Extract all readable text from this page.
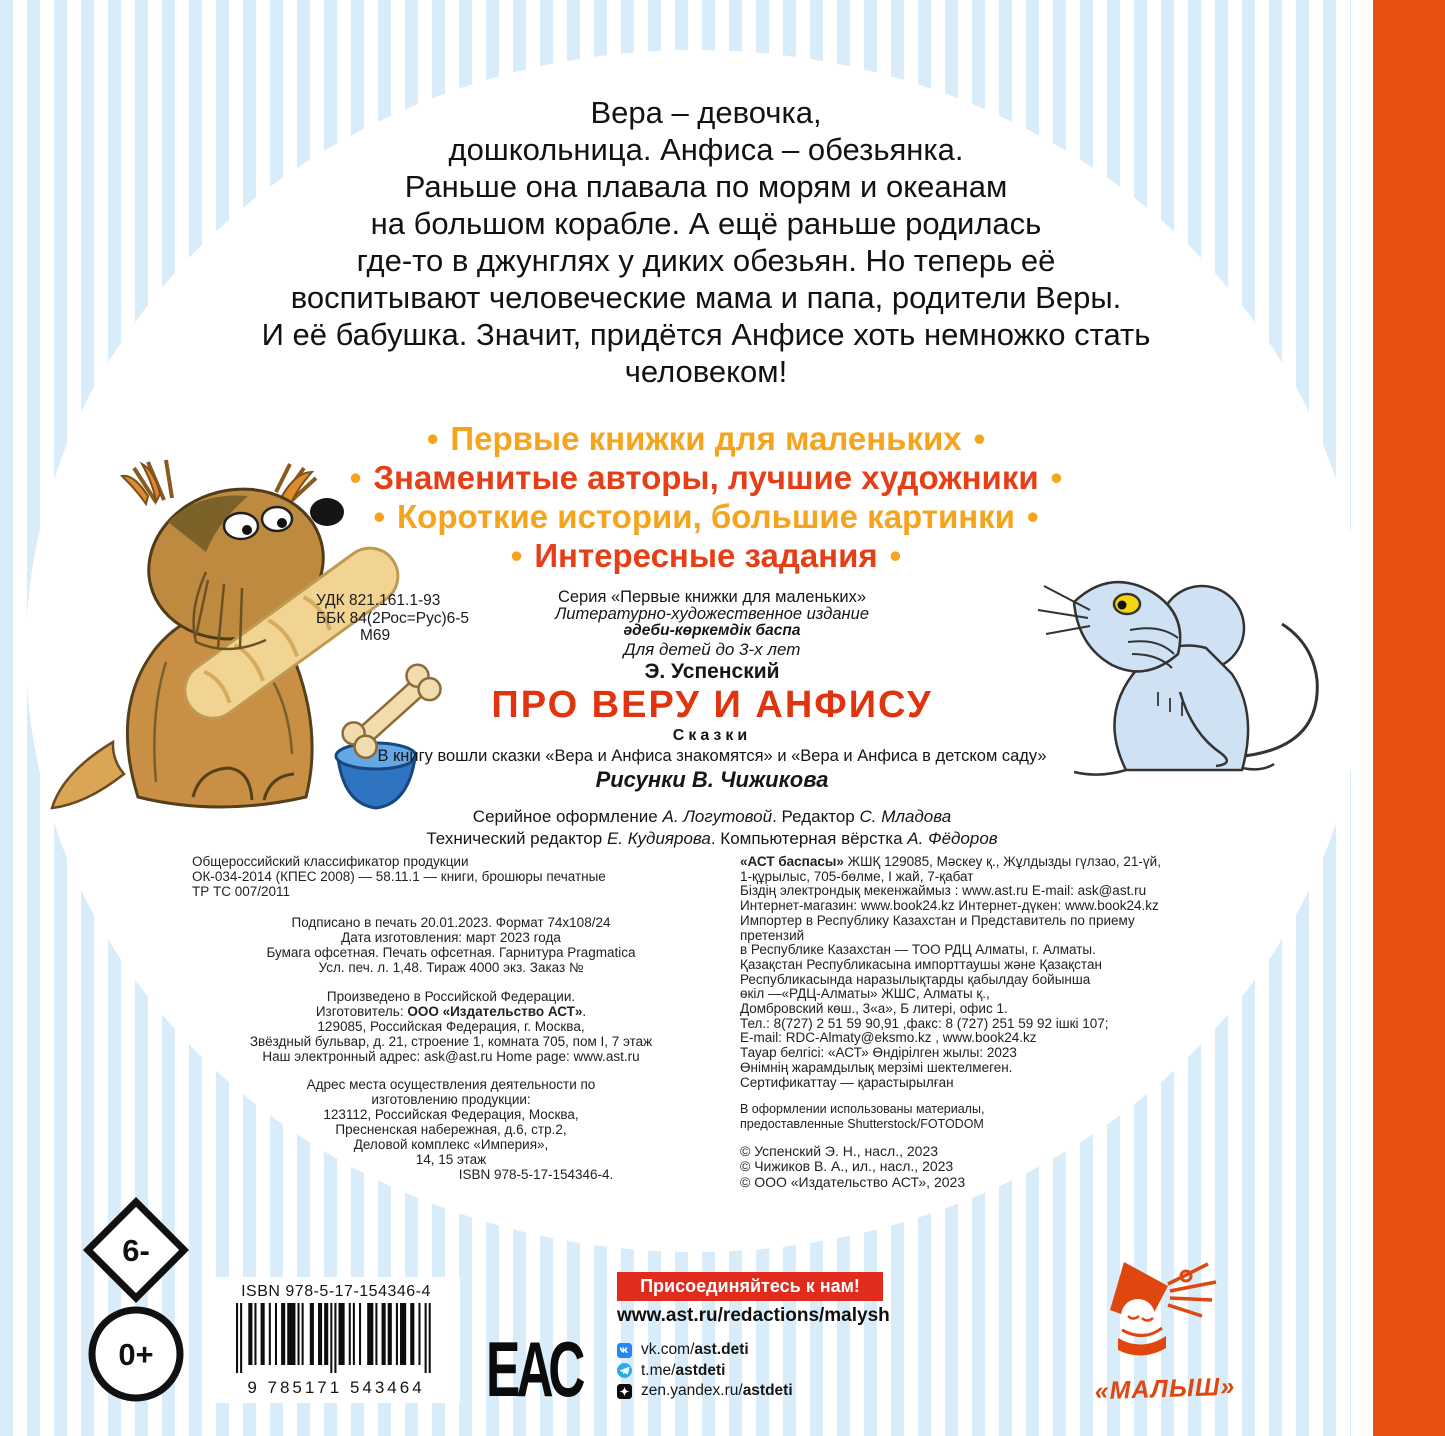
Вера – девочка,
дошкольница. Анфиса – обезьянка.
Раньше она плавала по морям и океанам
на большом корабле. А ещё раньше родилась
где-то в джунглях у диких обезьян. Но теперь её
воспитывают человеческие мама и папа, родители Веры.
И её бабушка. Значит, придётся Анфисе хоть немножко стать
человеком!
• Первые книжки для маленьких •
• Знаменитые авторы, лучшие художники •
• Короткие истории, большие картинки •
• Интересные задания •
УДК 821.161.1-93
ББК 84(2Рос=Рус)6-5
М69
Серия «Первые книжки для маленьких»
Литературно-художественное издание
әдеби-көркемдік баспа
Для детей до 3-х лет
Э. Успенский
ПРО ВЕРУ И АНФИСУ
Сказки
В книгу вошли сказки «Вера и Анфиса знакомятся» и «Вера и Анфиса в детском саду»
Рисунки В. Чижикова
Серийное оформление А. Логутовой. Редактор С. Младова
Технический редактор Е. Кудиярова. Компьютерная вёрстка А. Фёдоров
Общероссийский классификатор продукции
ОК-034-2014 (КПЕС 2008) — 58.11.1 — книги, брошюры печатные
ТР ТС 007/2011
Подписано в печать 20.01.2023. Формат 74x108/24
Дата изготовления: март 2023 года
Бумага офсетная. Печать офсетная. Гарнитура Pragmatica
Усл. печ. л. 1,48. Тираж 4000 экз. Заказ №
Произведено в Российской Федерации.
Изготовитель: ООО «Издательство АСТ».
129085, Российская Федерация, г. Москва,
Звёздный бульвар, д. 21, строение 1, комната 705, пом I, 7 этаж
Наш электронный адрес: ask@ast.ru Home page: www.ast.ru
Адрес места осуществления деятельности по
изготовлению продукции:
123112, Российская Федерация, Москва,
Пресненская набережная, д.6, стр.2,
Деловой комплекс «Империя»,
14, 15 этаж
ISBN 978-5-17-154346-4.
«АСТ баспасы» ЖШҚ 129085, Мәскеу қ., Жұлдызды гүлзао, 21-үй,
1-құрылыс, 705-бөлме, I жай, 7-қабат
Біздің электрондық мекенжаймыз : www.ast.ru E-mail: ask@ast.ru
Интернет-магазин: www.book24.kz Интернет-дүкен: www.book24.kz
Импортер в Республику Казахстан и Представитель по приему
претензий
в Республике Казахстан — ТОО РДЦ Алматы, г. Алматы.
Қазақстан Республикасына импорттаушы және Қазақстан
Республикасында наразылықтарды қабылдау бойынша
өкіл —«РДЦ-Алматы» ЖШС, Алматы қ.,
Домбровский көш., 3«а», Б литері, офис 1.
Тел.: 8(727) 2 51 59 90,91 ,факс: 8 (727) 251 59 92 ішкі 107;
E-mail: RDC-Almaty@eksmo.kz , www.book24.kz
Тауар белгісі: «АСТ» Өндірілген жылы: 2023
Өнімнің жарамдылық мерзімі шектелмеген.
Сертификаттау — қарастырылған
В оформлении использованы материалы,
предоставленные Shutterstock/FOTODOM
© Успенский Э. Н., насл., 2023
© Чижиков В. А., ил., насл., 2023
© ООО «Издательство АСТ», 2023
6-
0+
ISBN 978-5-17-154346-4
9 785171 543464 ЕАС
Присоединяйтесь к нам!
www.ast.ru/redactions/malysh
vk.com/ ast.deti
t.me/ astdeti
zen.yandex.ru/ astdeti	«МАЛЫШ»
